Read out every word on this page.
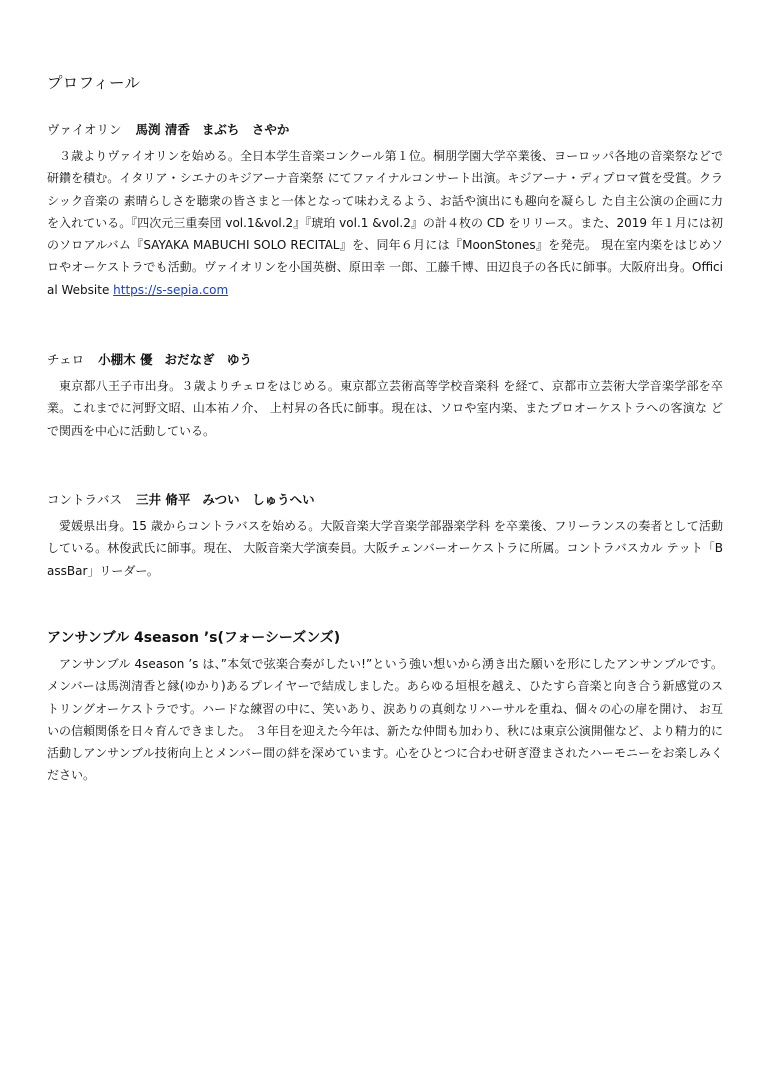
プロフィール
ヴァイオリン 馬渕 清香 まぶち　さやか
３歳よりヴァイオリンを始める。全日本学生音楽コンクール第１位。桐朋学園大学卒業後、ヨーロッパ各地の音楽祭などで研鑽を積む。イタリア・シエナのキジアーナ音楽祭 にてファイナルコンサート出演。キジアーナ・ディプロマ賞を受賞。クラシック音楽の 素晴らしさを聴衆の皆さまと一体となって味わえるよう、お話や演出にも趣向を凝らし た自主公演の企画に力を入れている。『四次元三重奏団 vol.1&vol.2』『琥珀 vol.1 &vol.2』の計４枚の CD をリリース。また、2019 年１月には初のソロアルバム『SAYAKA MABUCHI SOLO RECITAL』を、同年６月には『MoonStones』を発売。 現在室内楽をはじめソロやオーケストラでも活動。ヴァイオリンを小国英樹、原田幸 一郎、工藤千博、田辺良子の各氏に師事。大阪府出身。Official Website https://s-sepia.com
チェロ 小棚木 優 おだなぎ　ゆう
東京都八王子市出身。３歳よりチェロをはじめる。東京都立芸術高等学校音楽科 を経て、京都市立芸術大学音楽学部を卒業。これまでに河野文昭、山本祐ノ介、 上村昇の各氏に師事。現在は、ソロや室内楽、またプロオーケストラへの客演な どで関西を中心に活動している。
コントラバス 三井 脩平 みつい　しゅうへい
愛媛県出身。15 歳からコントラバスを始める。大阪音楽大学音楽学部器楽学科 を卒業後、フリーランスの奏者として活動している。林俊武氏に師事。現在、 大阪音楽大学演奏員。大阪チェンバーオーケストラに所属。コントラバスカル テット「BassBar」リーダー。
アンサンブル 4season ’s(フォーシーズンズ)
アンサンブル 4season ’s は、”本気で弦楽合奏がしたい!”という強い想いから湧き出た願いを形にしたアンサンブルです。メンバーは馬渕清香と縁(ゆかり)あるプレイヤーで結成しました。あらゆる垣根を越え、ひたすら音楽と向き合う新感覚のストリングオーケストラです。ハードな練習の中に、笑いあり、涙ありの真剣なリハーサルを重ね、個々の心の扉を開け、 お互いの信頼関係を日々育んできました。 ３年目を迎えた今年は、新たな仲間も加わり、秋には東京公演開催など、より精力的に活動しアンサンブル技術向上とメンバー間の絆を深めています。心をひとつに合わせ研ぎ澄まされたハーモニーをお楽しみください。
